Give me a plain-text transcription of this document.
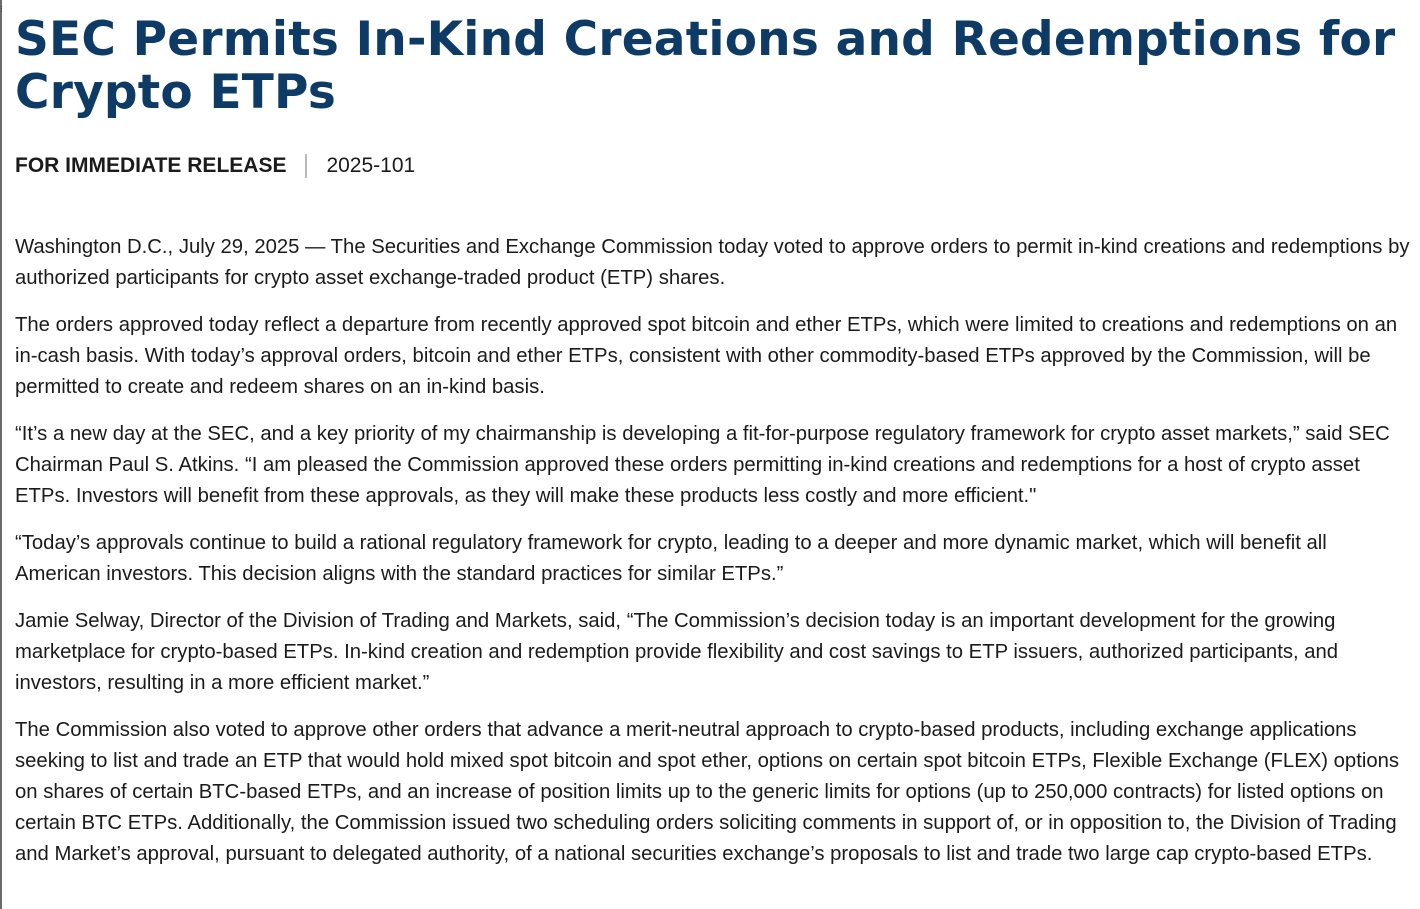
⁝
SEC Permits In-Kind Creations and Redemptions for
Crypto ETPs
FOR IMMEDIATE RELEASE 2025-101

Washington D.C., July 29, 2025 — The Securities and Exchange Commission today voted to approve orders to permit in-kind creations and redemptions by authorized participants for crypto asset exchange-traded product (ETP) shares.

The orders approved today reflect a departure from recently approved spot bitcoin and ether ETPs, which were limited to creations and redemptions on an in-cash basis. With today’s approval orders, bitcoin and ether ETPs, consistent with other commodity-based ETPs approved by the Commission, will be permitted to create and redeem shares on an in-kind basis.

“It’s a new day at the SEC, and a key priority of my chairmanship is developing a fit-for-purpose regulatory framework for crypto asset markets,” said SEC Chairman Paul S. Atkins. “I am pleased the Commission approved these orders permitting in-kind creations and redemptions for a host of crypto asset ETPs. Investors will benefit from these approvals, as they will make these products less costly and more efficient."

“Today’s approvals continue to build a rational regulatory framework for crypto, leading to a deeper and more dynamic market, which will benefit all American investors. This decision aligns with the standard practices for similar ETPs.”

Jamie Selway, Director of the Division of Trading and Markets, said, “The Commission’s decision today is an important development for the growing marketplace for crypto-based ETPs. In-kind creation and redemption provide flexibility and cost savings to ETP issuers, authorized participants, and investors, resulting in a more efficient market.”

The Commission also voted to approve other orders that advance a merit-neutral approach to crypto-based products, including exchange applications seeking to list and trade an ETP that would hold mixed spot bitcoin and spot ether, options on certain spot bitcoin ETPs, Flexible Exchange (FLEX) options on shares of certain BTC-based ETPs, and an increase of position limits up to the generic limits for options (up to 250,000 contracts) for listed options on certain BTC ETPs. Additionally, the Commission issued two scheduling orders soliciting comments in support of, or in opposition to, the Division of Trading and Market’s approval, pursuant to delegated authority, of a national securities exchange’s proposals to list and trade two large cap crypto-based ETPs.
